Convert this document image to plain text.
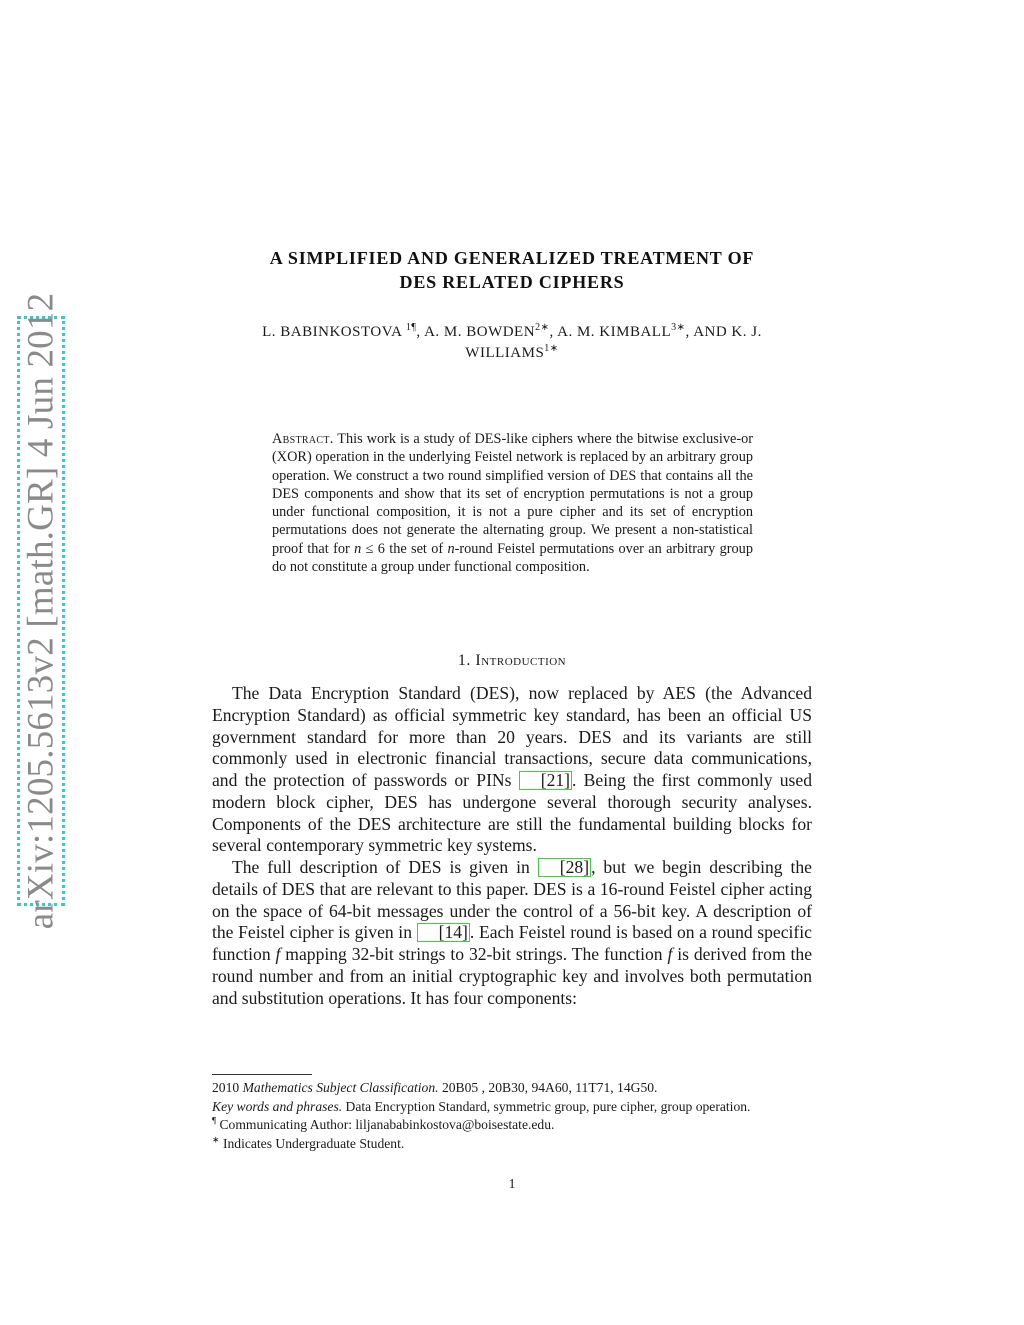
arXiv:1205.5613v2 [math.GR] 4 Jun 2012
A SIMPLIFIED AND GENERALIZED TREATMENT OF
DES RELATED CIPHERS
L. BABINKOSTOVA $^{1\P}$, A. M. $BOWDEN^{2∗}$, A. M. $KIMBALL^{3∗}$, AND K. J.
$WILLIAMS^{1∗}$
Abstract. This work is a study of DES-like ciphers where the bitwise exclusive-or (XOR) operation in the underlying Feistel network is replaced by an arbitrary group operation. We construct a two round simplified version of DES that contains all the DES components and show that its set of encryption permutations is not a group under functional composition, it is not a pure cipher and its set of encryption permutations does not generate the alternating group. We present a non-statistical proof that for n ≤ 6 the set of n-round Feistel permutations over an arbitrary group do not constitute a group under functional composition.
1. Introduction

The Data Encryption Standard (DES), now replaced by AES (the Advanced Encryption Standard) as official symmetric key standard, has been an official US government standard for more than 20 years. DES and its variants are still commonly used in electronic financial transactions, secure data communications, and the protection of passwords or PINs [21] . Being the first commonly used modern block cipher, DES has undergone several thorough security analyses. Components of the DES architecture are still the fundamental building blocks for several contemporary symmetric key systems.

The full description of DES is given in [28] , but we begin describing the details of DES that are relevant to this paper. DES is a 16-round Feistel cipher acting on the space of 64-bit messages under the control of a 56-bit key. A description of the Feistel cipher is given in [14] . Each Feistel round is based on a round specific function f mapping 32-bit strings to 32-bit strings. The function f is derived from the round number and from an initial cryptographic key and involves both permutation and substitution operations. It has four components:

2010 Mathematics Subject Classification. 20B05 , 20B30, 94A60, 11T71, 14G50.

Key words and phrases. Data Encryption Standard, symmetric group, pure cipher, group operation.

¶ Communicating Author: liljanababinkostova@boisestate.edu.

∗ Indicates Undergraduate Student.

1
